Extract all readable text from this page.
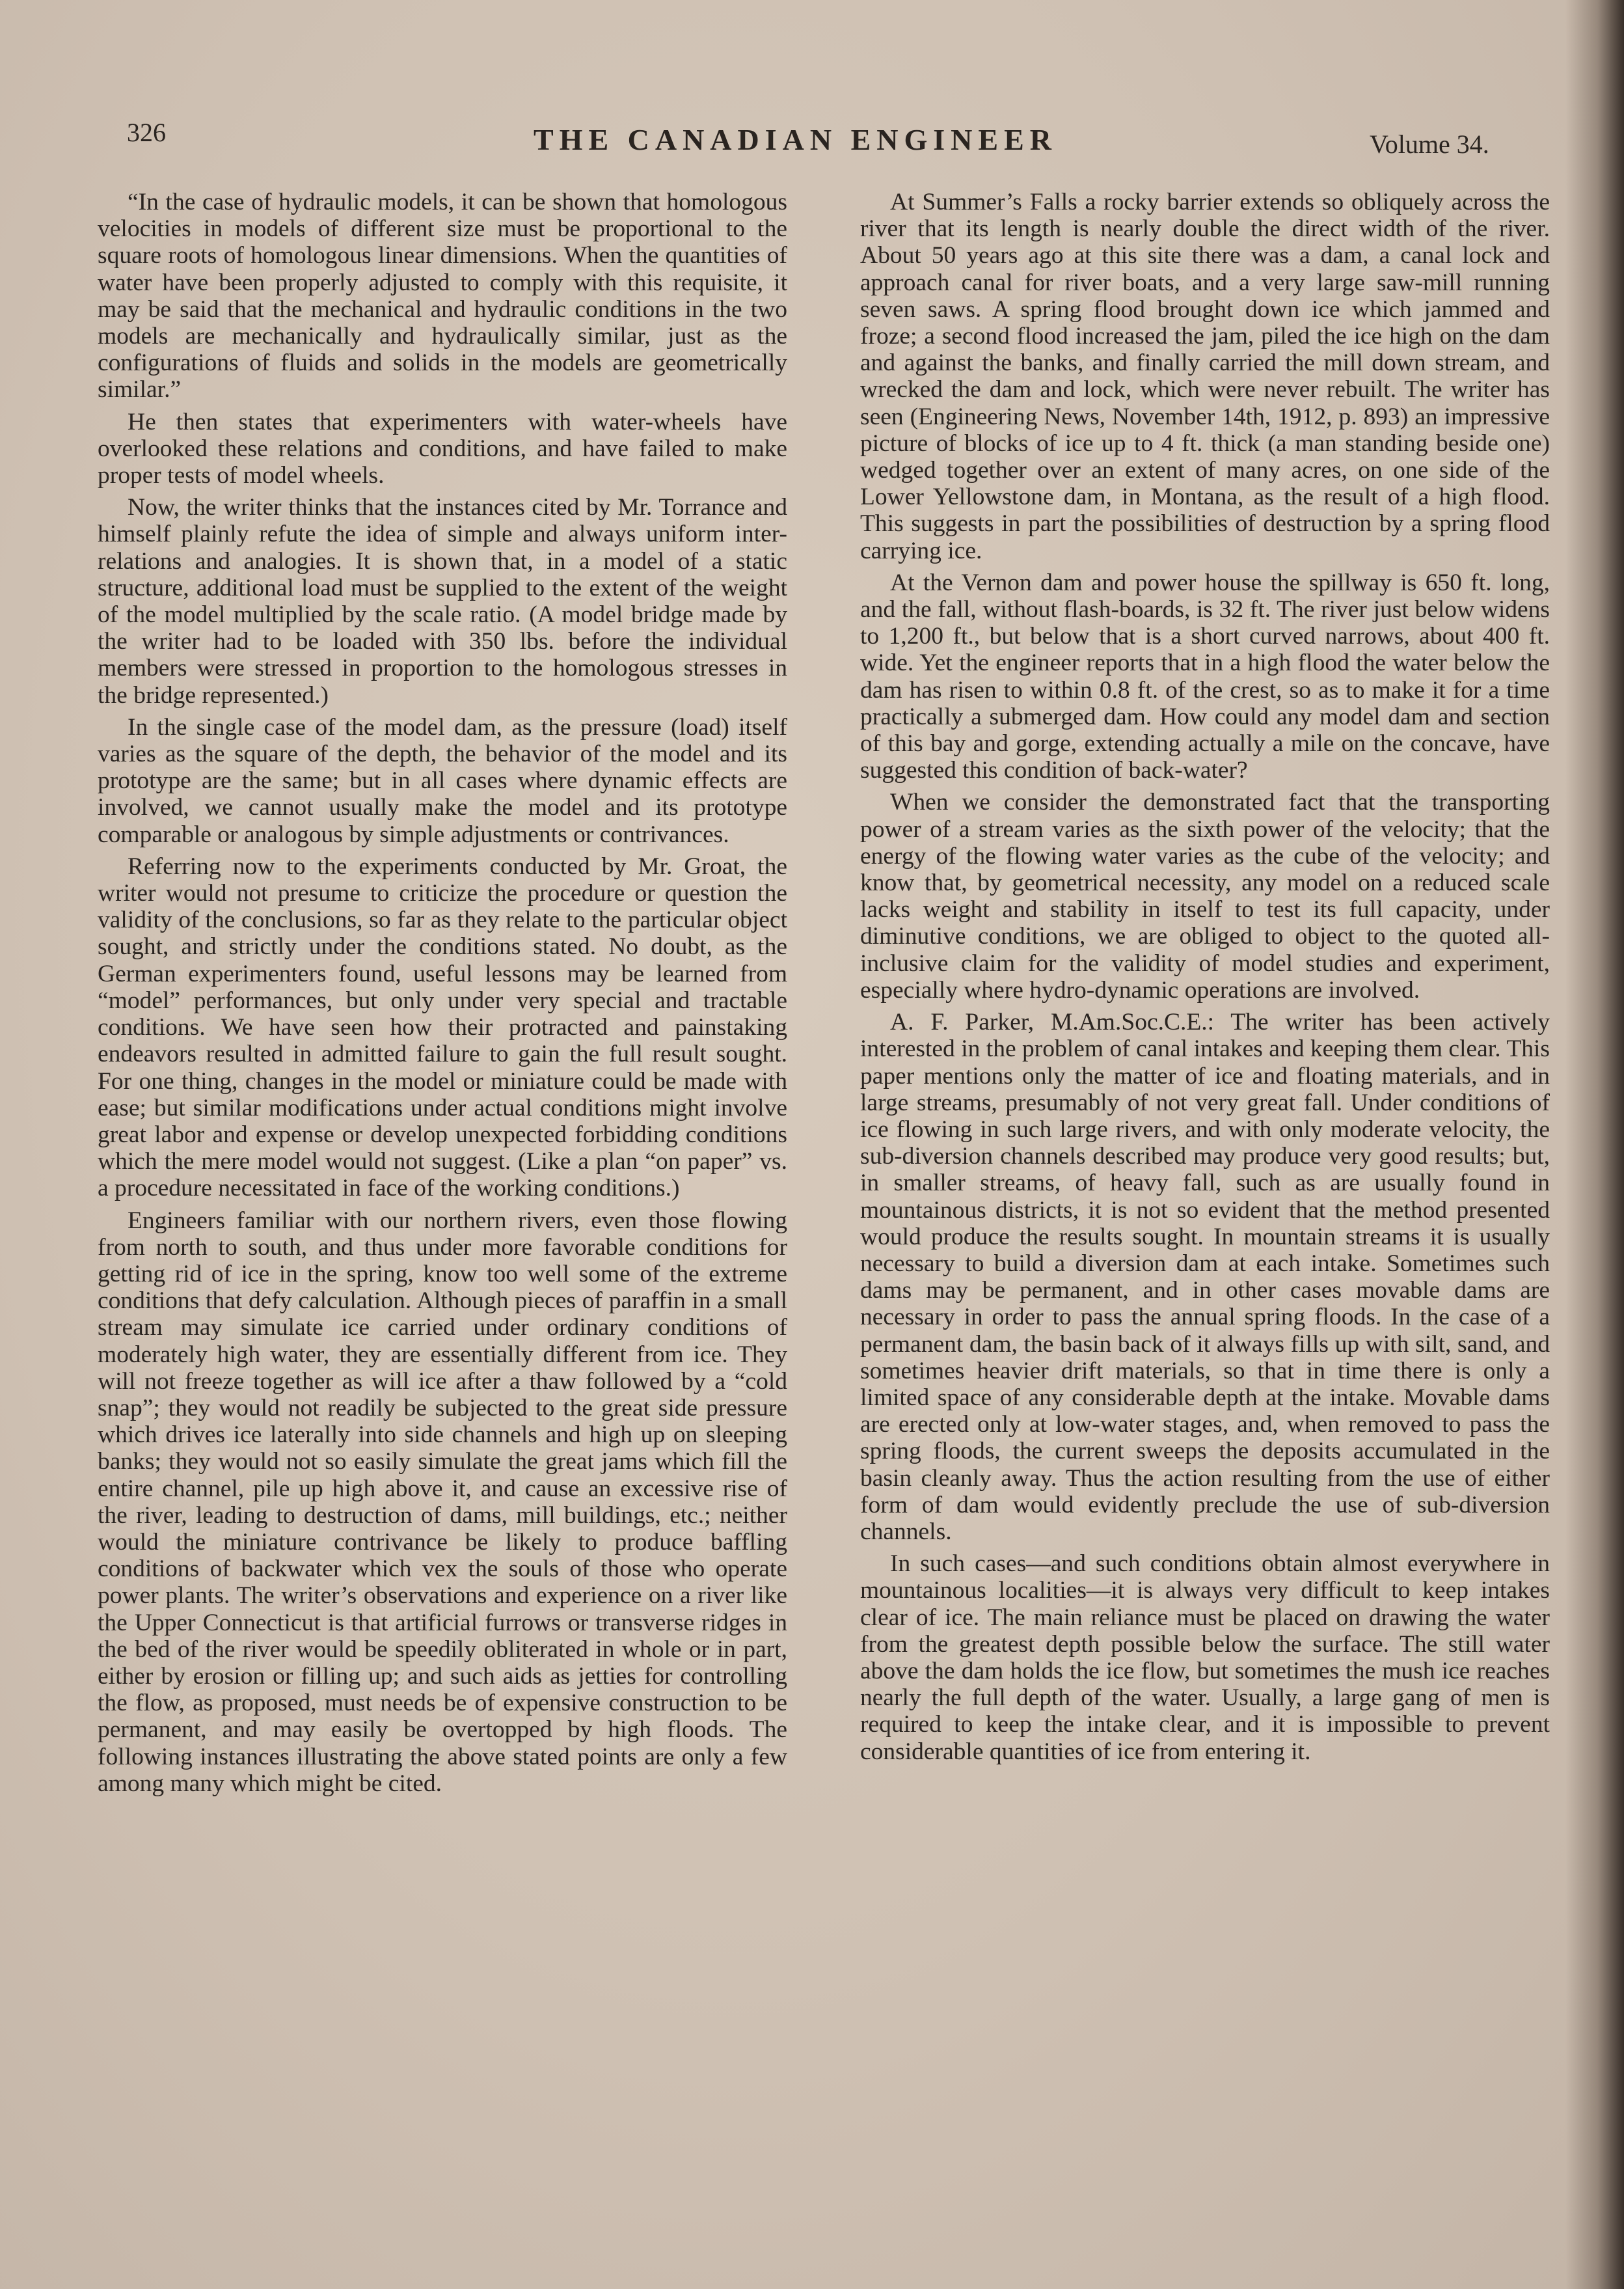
326	THE CANADIAN ENGINEER	Volume 34.

“In the case of hydraulic models, it can be shown that homologous velocities in models of different size must be proportional to the square roots of homologous linear dimensions. When the quantities of water have been properly adjusted to comply with this requisite, it may be said that the mechanical and hydraulic conditions in the two models are mechanically and hydraulically similar, just as the configurations of fluids and solids in the models are geometrically similar.”

He then states that experimenters with water-wheels have overlooked these relations and conditions, and have failed to make proper tests of model wheels.

Now, the writer thinks that the instances cited by Mr. Torrance and himself plainly refute the idea of simple and always uniform inter-relations and analogies. It is shown that, in a model of a static structure, additional load must be supplied to the extent of the weight of the model multiplied by the scale ratio. (A model bridge made by the writer had to be loaded with 350 lbs. before the individual members were stressed in proportion to the homologous stresses in the bridge represented.)

In the single case of the model dam, as the pressure (load) itself varies as the square of the depth, the behavior of the model and its prototype are the same; but in all cases where dynamic effects are involved, we cannot usually make the model and its prototype comparable or analogous by simple adjustments or contrivances.

Referring now to the experiments conducted by Mr. Groat, the writer would not presume to criticize the procedure or question the validity of the conclusions, so far as they relate to the particular object sought, and strictly under the conditions stated. No doubt, as the German experimenters found, useful lessons may be learned from “model” performances, but only under very special and tractable conditions. We have seen how their protracted and painstaking endeavors resulted in admitted failure to gain the full result sought. For one thing, changes in the model or miniature could be made with ease; but similar modifications under actual conditions might involve great labor and expense or develop unexpected forbidding conditions which the mere model would not suggest. (Like a plan “on paper” vs. a procedure necessitated in face of the working conditions.)

Engineers familiar with our northern rivers, even those flowing from north to south, and thus under more favorable conditions for getting rid of ice in the spring, know too well some of the extreme conditions that defy calculation. Although pieces of paraffin in a small stream may simulate ice carried under ordinary conditions of moderately high water, they are essentially different from ice. They will not freeze together as will ice after a thaw followed by a “cold snap”; they would not readily be subjected to the great side pressure which drives ice laterally into side channels and high up on sleeping banks; they would not so easily simulate the great jams which fill the entire channel, pile up high above it, and cause an excessive rise of the river, leading to destruction of dams, mill buildings, etc.; neither would the miniature contrivance be likely to produce baffling conditions of backwater which vex the souls of those who operate power plants. The writer’s observations and experience on a river like the Upper Connecticut is that artificial furrows or transverse ridges in the bed of the river would be speedily obliterated in whole or in part, either by erosion or filling up; and such aids as jetties for controlling the flow, as proposed, must needs be of expensive construction to be permanent, and may easily be overtopped by high floods. The following instances illustrating the above stated points are only a few among many which might be cited.

At Summer’s Falls a rocky barrier extends so obliquely across the river that its length is nearly double the direct width of the river. About 50 years ago at this site there was a dam, a canal lock and approach canal for river boats, and a very large saw-mill running seven saws. A spring flood brought down ice which jammed and froze; a second flood increased the jam, piled the ice high on the dam and against the banks, and finally carried the mill down stream, and wrecked the dam and lock, which were never rebuilt. The writer has seen (Engineering News, November 14th, 1912, p. 893) an impressive picture of blocks of ice up to 4 ft. thick (a man standing beside one) wedged together over an extent of many acres, on one side of the Lower Yellowstone dam, in Montana, as the result of a high flood. This suggests in part the possibilities of destruction by a spring flood carrying ice.

At the Vernon dam and power house the spillway is 650 ft. long, and the fall, without flash-boards, is 32 ft. The river just below widens to 1,200 ft., but below that is a short curved narrows, about 400 ft. wide. Yet the engineer reports that in a high flood the water below the dam has risen to within 0.8 ft. of the crest, so as to make it for a time practically a submerged dam. How could any model dam and section of this bay and gorge, extending actually a mile on the concave, have suggested this condition of back-water?

When we consider the demonstrated fact that the transporting power of a stream varies as the sixth power of the velocity; that the energy of the flowing water varies as the cube of the velocity; and know that, by geometrical necessity, any model on a reduced scale lacks weight and stability in itself to test its full capacity, under diminutive conditions, we are obliged to object to the quoted all-inclusive claim for the validity of model studies and experiment, especially where hydro-dynamic operations are involved.

A. F. Parker, M.Am.Soc.C.E.: The writer has been actively interested in the problem of canal intakes and keeping them clear. This paper mentions only the matter of ice and floating materials, and in large streams, presumably of not very great fall. Under conditions of ice flowing in such large rivers, and with only moderate velocity, the sub-diversion channels described may produce very good results; but, in smaller streams, of heavy fall, such as are usually found in mountainous districts, it is not so evident that the method presented would produce the results sought. In mountain streams it is usually necessary to build a diversion dam at each intake. Sometimes such dams may be permanent, and in other cases movable dams are necessary in order to pass the annual spring floods. In the case of a permanent dam, the basin back of it always fills up with silt, sand, and sometimes heavier drift materials, so that in time there is only a limited space of any considerable depth at the intake. Movable dams are erected only at low-water stages, and, when removed to pass the spring floods, the current sweeps the deposits accumulated in the basin cleanly away. Thus the action resulting from the use of either form of dam would evidently preclude the use of sub-diversion channels.

In such cases—and such conditions obtain almost everywhere in mountainous localities—it is always very difficult to keep intakes clear of ice. The main reliance must be placed on drawing the water from the greatest depth possible below the surface. The still water above the dam holds the ice flow, but sometimes the mush ice reaches nearly the full depth of the water. Usually, a large gang of men is required to keep the intake clear, and it is impossible to prevent considerable quantities of ice from entering it.
